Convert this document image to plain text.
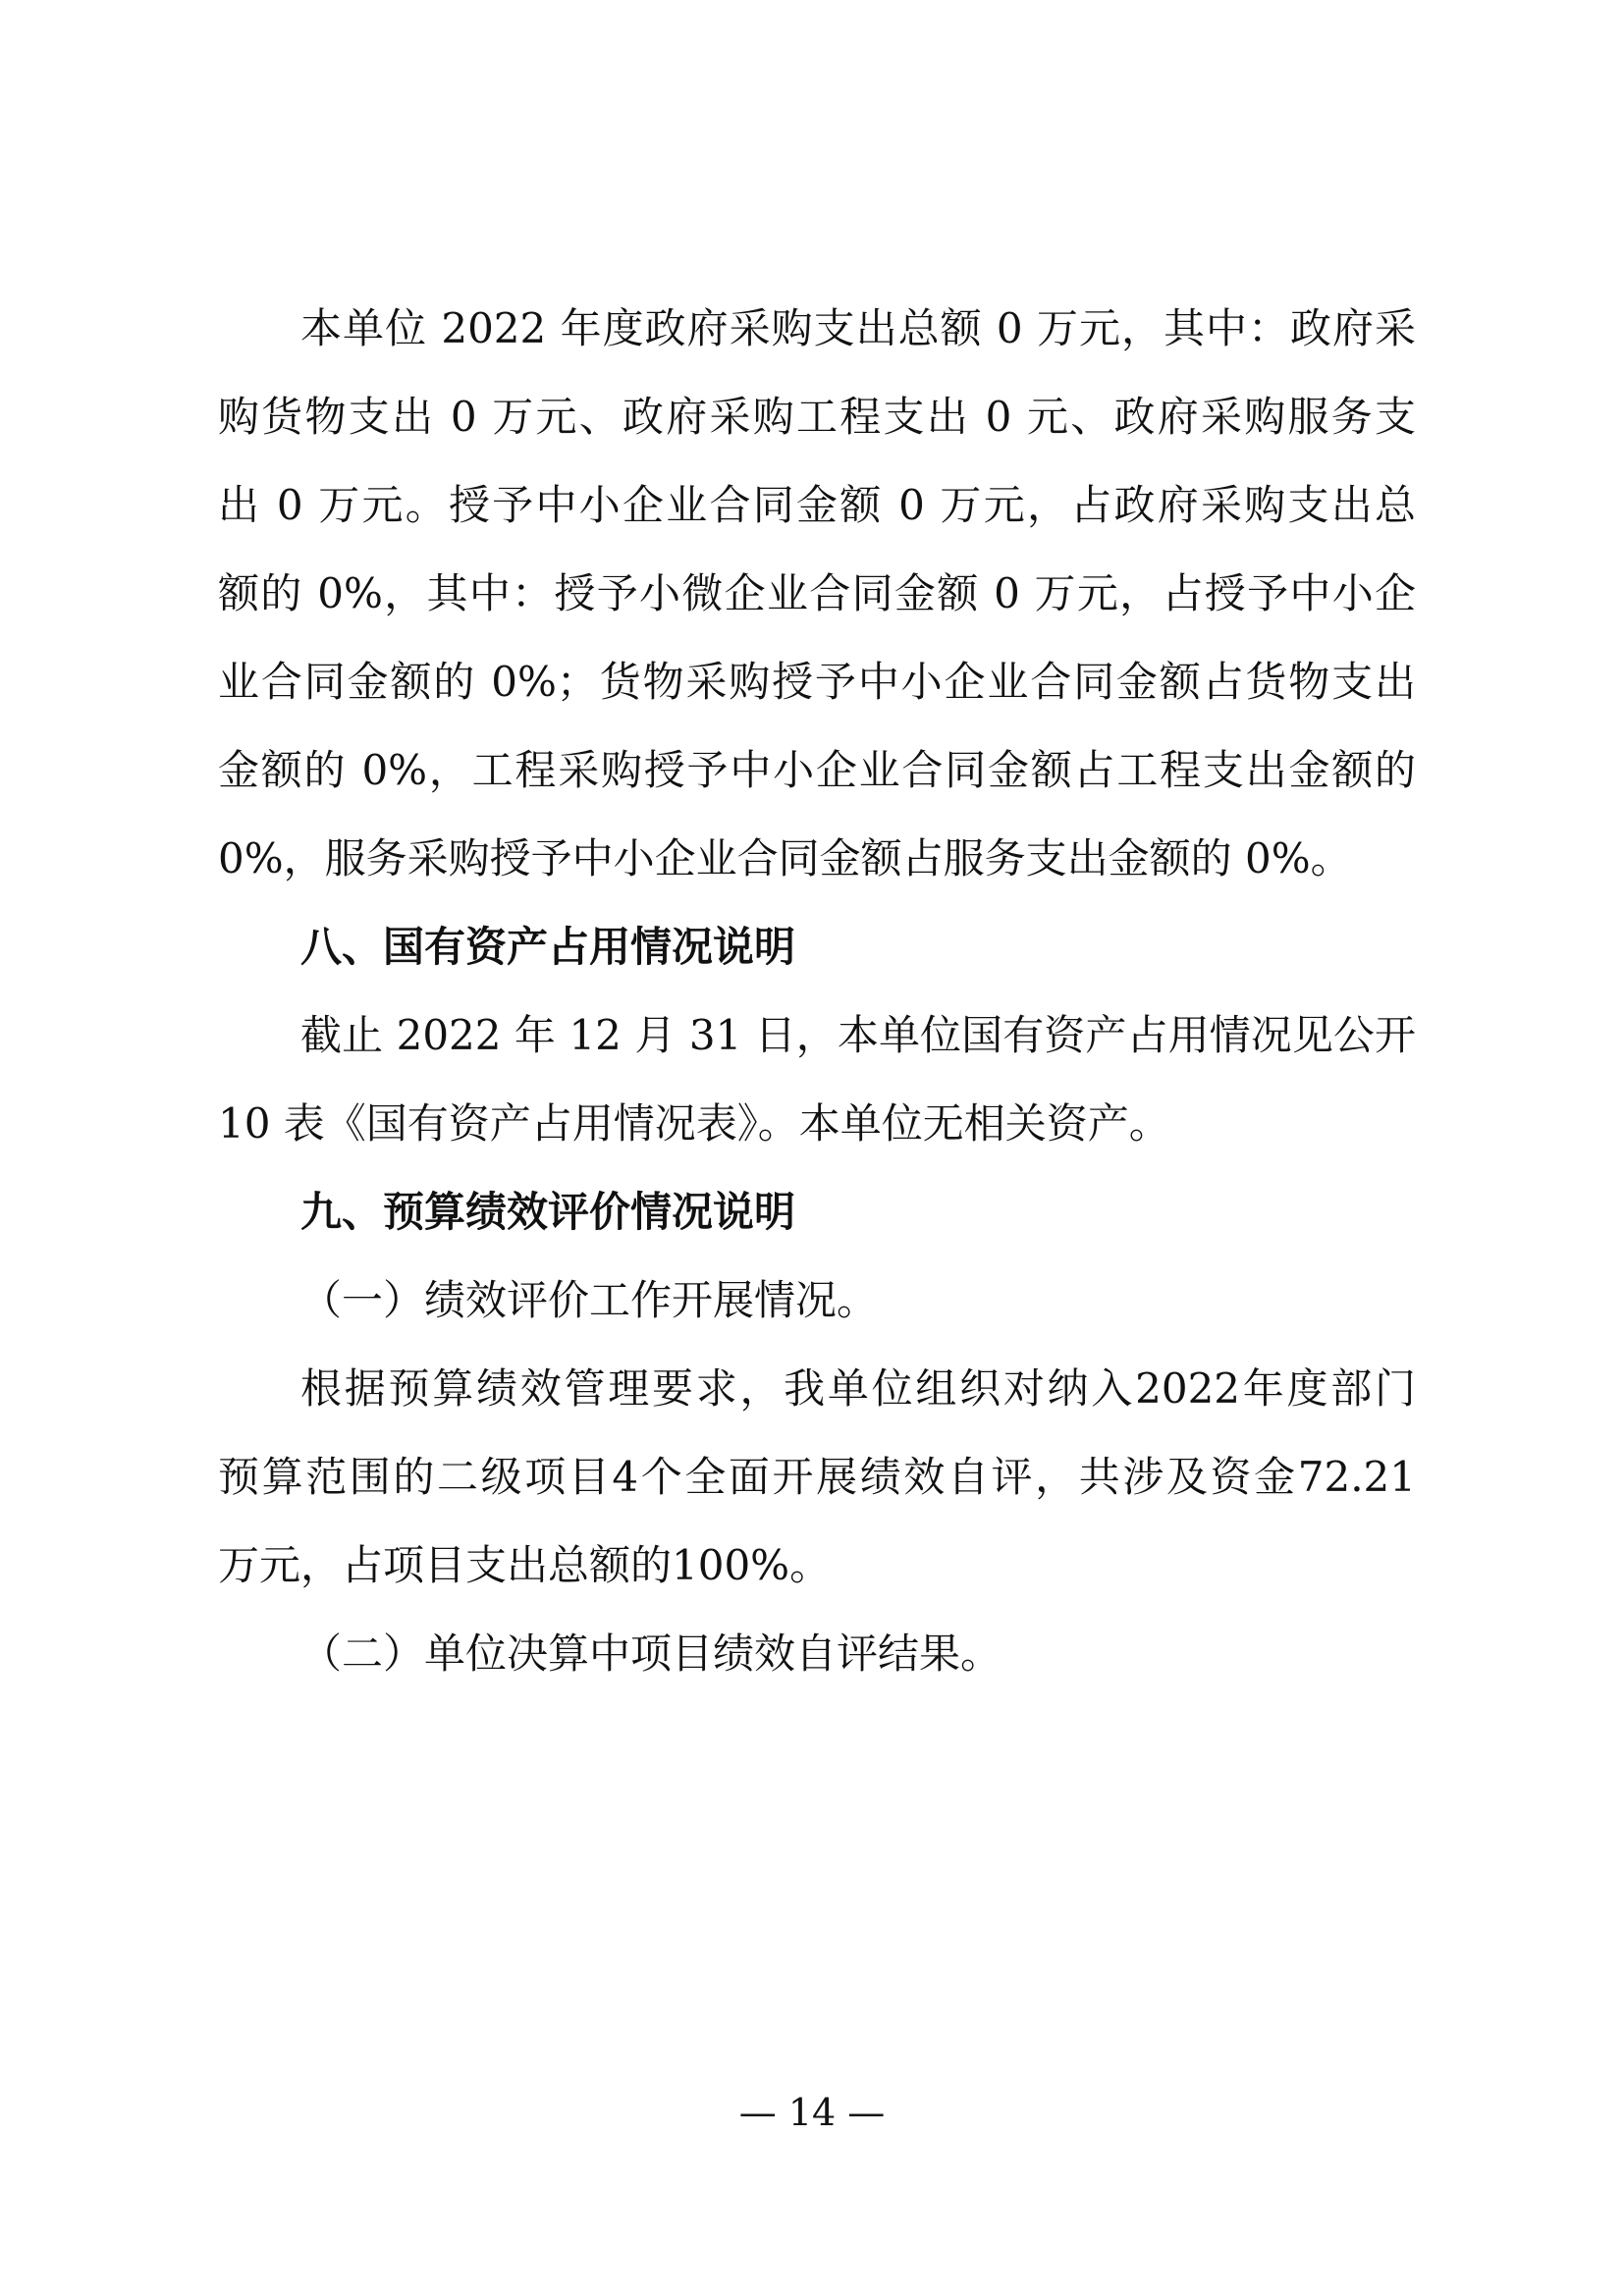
本单位 2022 年度政府采购支出总额 0 万元，其中：政府采
购货物支出 0 万元、政府采购工程支出 0 元、政府采购服务支
出 0 万元。授予中小企业合同金额 0 万元，占政府采购支出总
额的 0%，其中：授予小微企业合同金额 0 万元，占授予中小企
业合同金额的 0%；货物采购授予中小企业合同金额占货物支出
金额的 0%，工程采购授予中小企业合同金额占工程支出金额的
0%，服务采购授予中小企业合同金额占服务支出金额的 0%。
八、国有资产占用情况说明
截止 2022 年 12 月 31 日，本单位国有资产占用情况见公开
10 表《国有资产占用情况表》。本单位无相关资产。
九、预算绩效评价情况说明
（一）绩效评价工作开展情况。
根据预算绩效管理要求，我单位组织对纳入2022年度部门
预算范围的二级项目4个全面开展绩效自评，共涉及资金72.21
万元，占项目支出总额的100%。
（二）单位决算中项目绩效自评结果。
— 14 —
